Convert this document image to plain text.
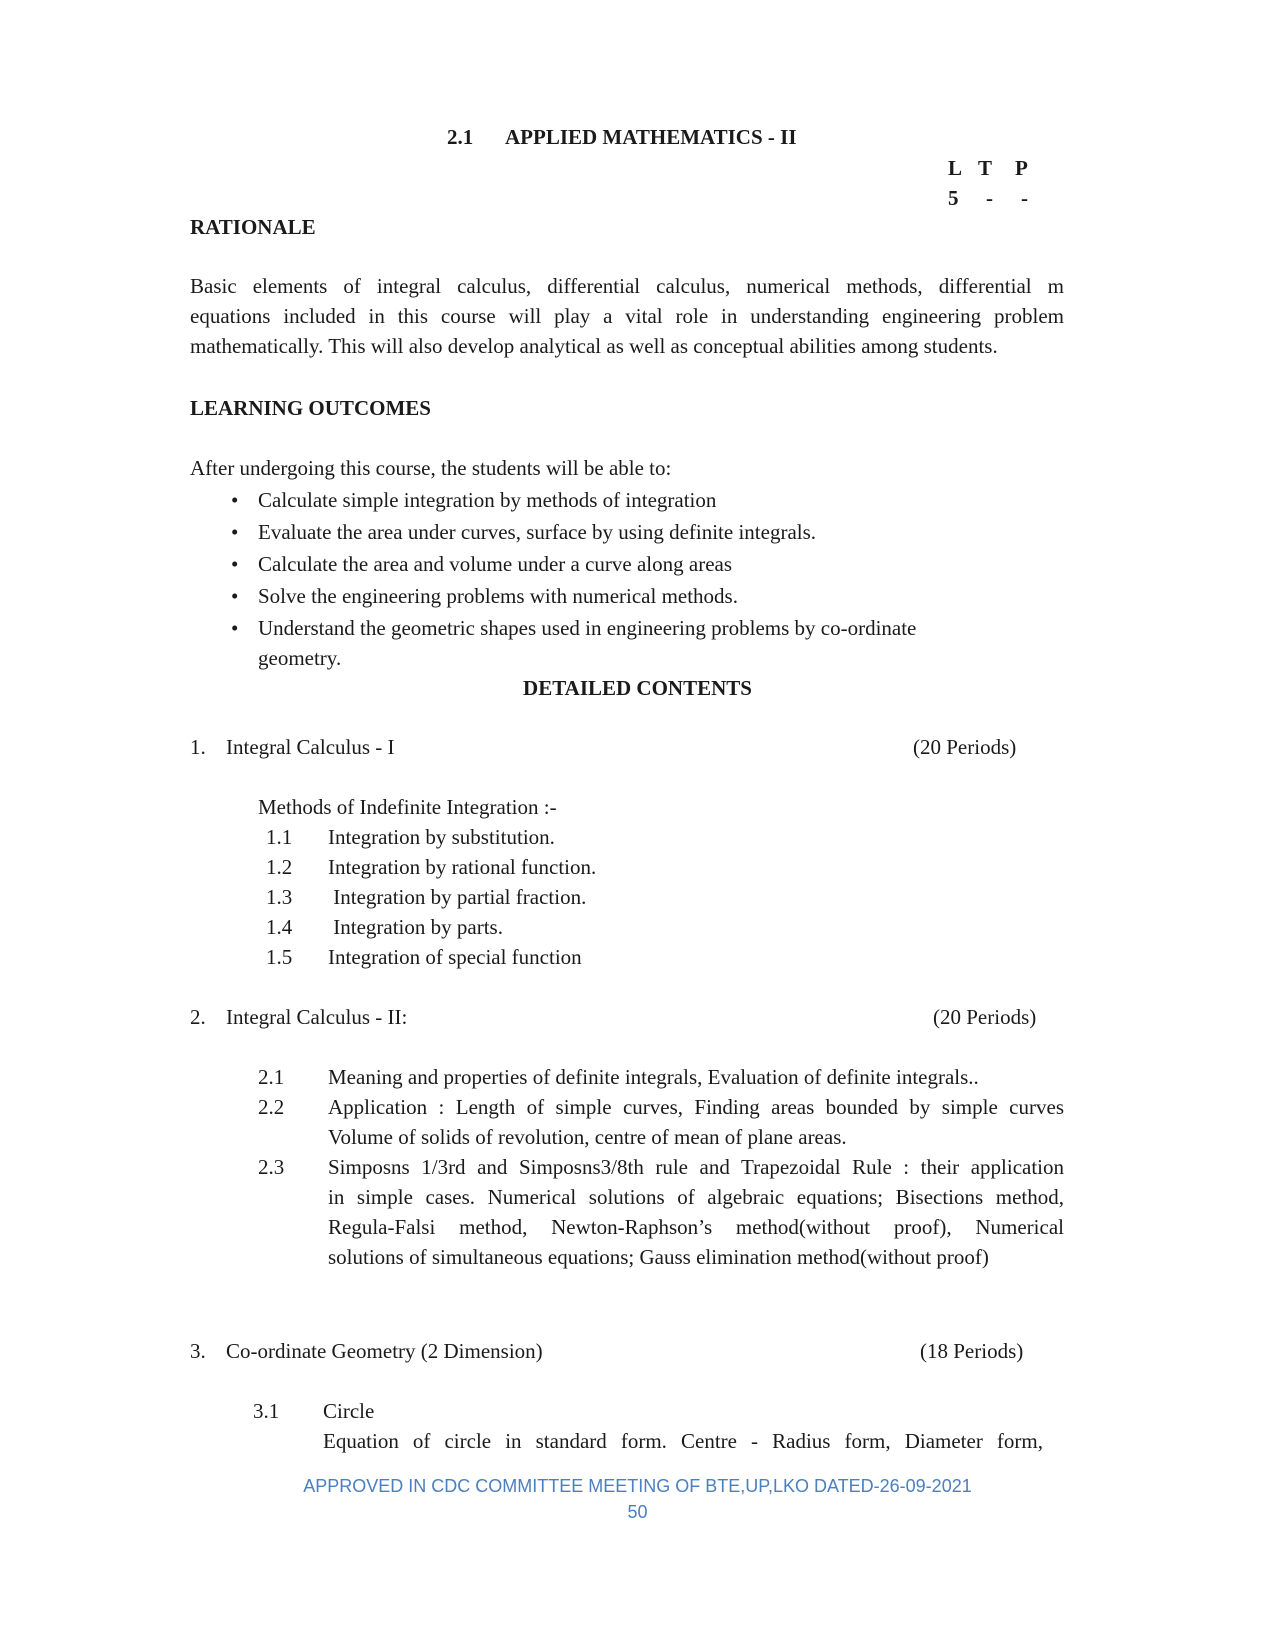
2.1 APPLIED MATHEMATICS - II
L T P
5 - -
RATIONALE
Basic elements of integral calculus, differential calculus, numerical methods, differential m
equations included in this course will play a vital role in understanding engineering problem
mathematically. This will also develop analytical as well as conceptual abilities among students.
LEARNING OUTCOMES
After undergoing this course, the students will be able to:
• Calculate simple integration by methods of integration
• Evaluate the area under curves, surface by using definite integrals.
• Calculate the area and volume under a curve along areas
• Solve the engineering problems with numerical methods.
• Understand the geometric shapes used in engineering problems by co-ordinate
geometry.
DETAILED CONTENTS
1. Integral Calculus - I	(20 Periods)
Methods of Indefinite Integration :-
1.1 Integration by substitution.
1.2 Integration by rational function.
1.3 Integration by partial fraction.
1.4 Integration by parts.
1.5 Integration of special function
2. Integral Calculus - II:	(20 Periods)
2.1 Meaning and properties of definite integrals, Evaluation of definite integrals..
2.2 Application : Length of simple curves, Finding areas bounded by simple curves
Volume of solids of revolution, centre of mean of plane areas.
2.3 Simposns 1/3rd and Simposns3/8th rule and Trapezoidal Rule : their application
in simple cases. Numerical solutions of algebraic equations; Bisections method,
Regula-Falsi method, Newton-Raphson’s method(without proof), Numerical
solutions of simultaneous equations; Gauss elimination method(without proof)
3. Co-ordinate Geometry (2 Dimension)	(18 Periods)
3.1 Circle
Equation of circle in standard form. Centre - Radius form, Diameter form,
APPROVED IN CDC COMMITTEE MEETING OF BTE,UP,LKO DATED-26-09-2021
50
